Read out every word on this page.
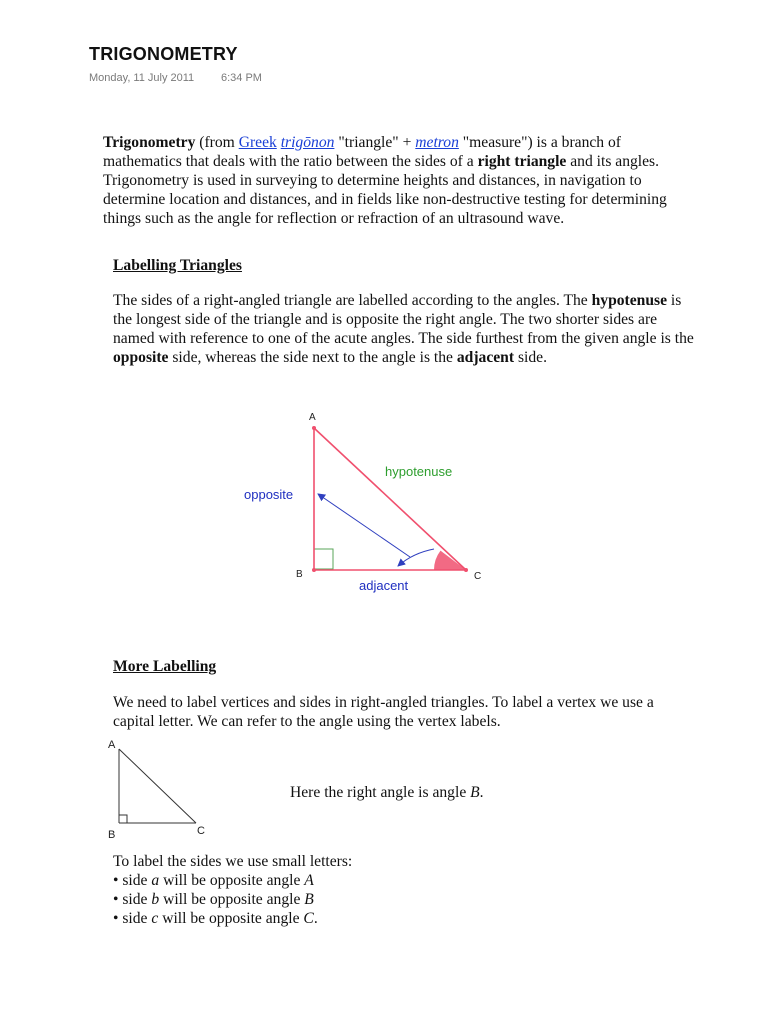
TRIGONOMETRY
Monday, 11 July 2011 6:34 PM
Trigonometry (from Greek trigōnon "triangle" + metron "measure") is a branch of
mathematics that deals with the ratio between the sides of a right triangle and its angles.
Trigonometry is used in surveying to determine heights and distances, in navigation to
determine location and distances, and in fields like non-destructive testing for determining
things such as the angle for reflection or refraction of an ultrasound wave.
Labelling Triangles
The sides of a right-angled triangle are labelled according to the angles. The hypotenuse is
the longest side of the triangle and is opposite the right angle. The two shorter sides are
named with reference to one of the acute angles. The side furthest from the given angle is the
opposite side, whereas the side next to the angle is the adjacent side.
A
B	C
hypotenuse
opposite
adjacent
A
B	C
More Labelling
We need to label vertices and sides in right-angled triangles. To label a vertex we use a
capital letter. We can refer to the angle using the vertex labels.
Here the right angle is angle B.
To label the sides we use small letters:
• side a will be opposite angle A
• side b will be opposite angle B
• side c will be opposite angle C.
